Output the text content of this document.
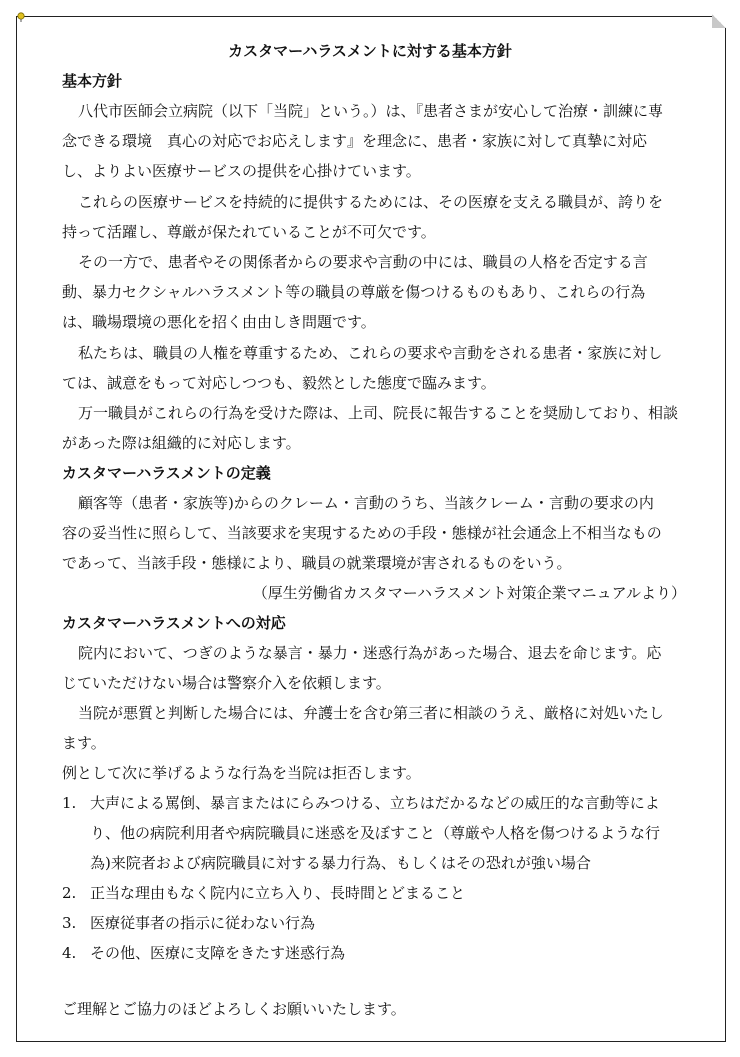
カスタマーハラスメントに対する基本方針
基本方針
八代市医師会立病院（以下「当院」という。）は、『患者さまが安心して治療・訓練に専
念できる環境　真心の対応でお応えします』を理念に、患者・家族に対して真摯に対応
し、よりよい医療サービスの提供を心掛けています。
これらの医療サービスを持続的に提供するためには、その医療を支える職員が、誇りを
持って活躍し、尊厳が保たれていることが不可欠です。
その一方で、患者やその関係者からの要求や言動の中には、職員の人格を否定する言
動、暴力セクシャルハラスメント等の職員の尊厳を傷つけるものもあり、これらの行為
は、職場環境の悪化を招く由由しき問題です。
私たちは、職員の人権を尊重するため、これらの要求や言動をされる患者・家族に対し
ては、誠意をもって対応しつつも、毅然とした態度で臨みます。
万一職員がこれらの行為を受けた際は、上司、院長に報告することを奨励しており、相談
があった際は組織的に対応します。
カスタマーハラスメントの定義
顧客等（患者・家族等)からのクレーム・言動のうち、当該クレーム・言動の要求の内
容の妥当性に照らして、当該要求を実現するための手段・態様が社会通念上不相当なもの
であって、当該手段・態様により、職員の就業環境が害されるものをいう。
（厚生労働省カスタマーハラスメント対策企業マニュアルより）
カスタマーハラスメントへの対応
院内において、つぎのような暴言・暴力・迷惑行為があった場合、退去を命じます。応
じていただけない場合は警察介入を依頼します。
当院が悪質と判断した場合には、弁護士を含む第三者に相談のうえ、厳格に対処いたし
ます。
例として次に挙げるような行為を当院は拒否します。
1. 大声による罵倒、暴言またはにらみつける、立ちはだかるなどの威圧的な言動等によ
り、他の病院利用者や病院職員に迷惑を及ぼすこと（尊厳や人格を傷つけるような行
為)来院者および病院職員に対する暴力行為、もしくはその恐れが強い場合
2. 正当な理由もなく院内に立ち入り、長時間とどまること
3. 医療従事者の指示に従わない行為
4. その他、医療に支障をきたす迷惑行為
ご理解とご協力のほどよろしくお願いいたします。
